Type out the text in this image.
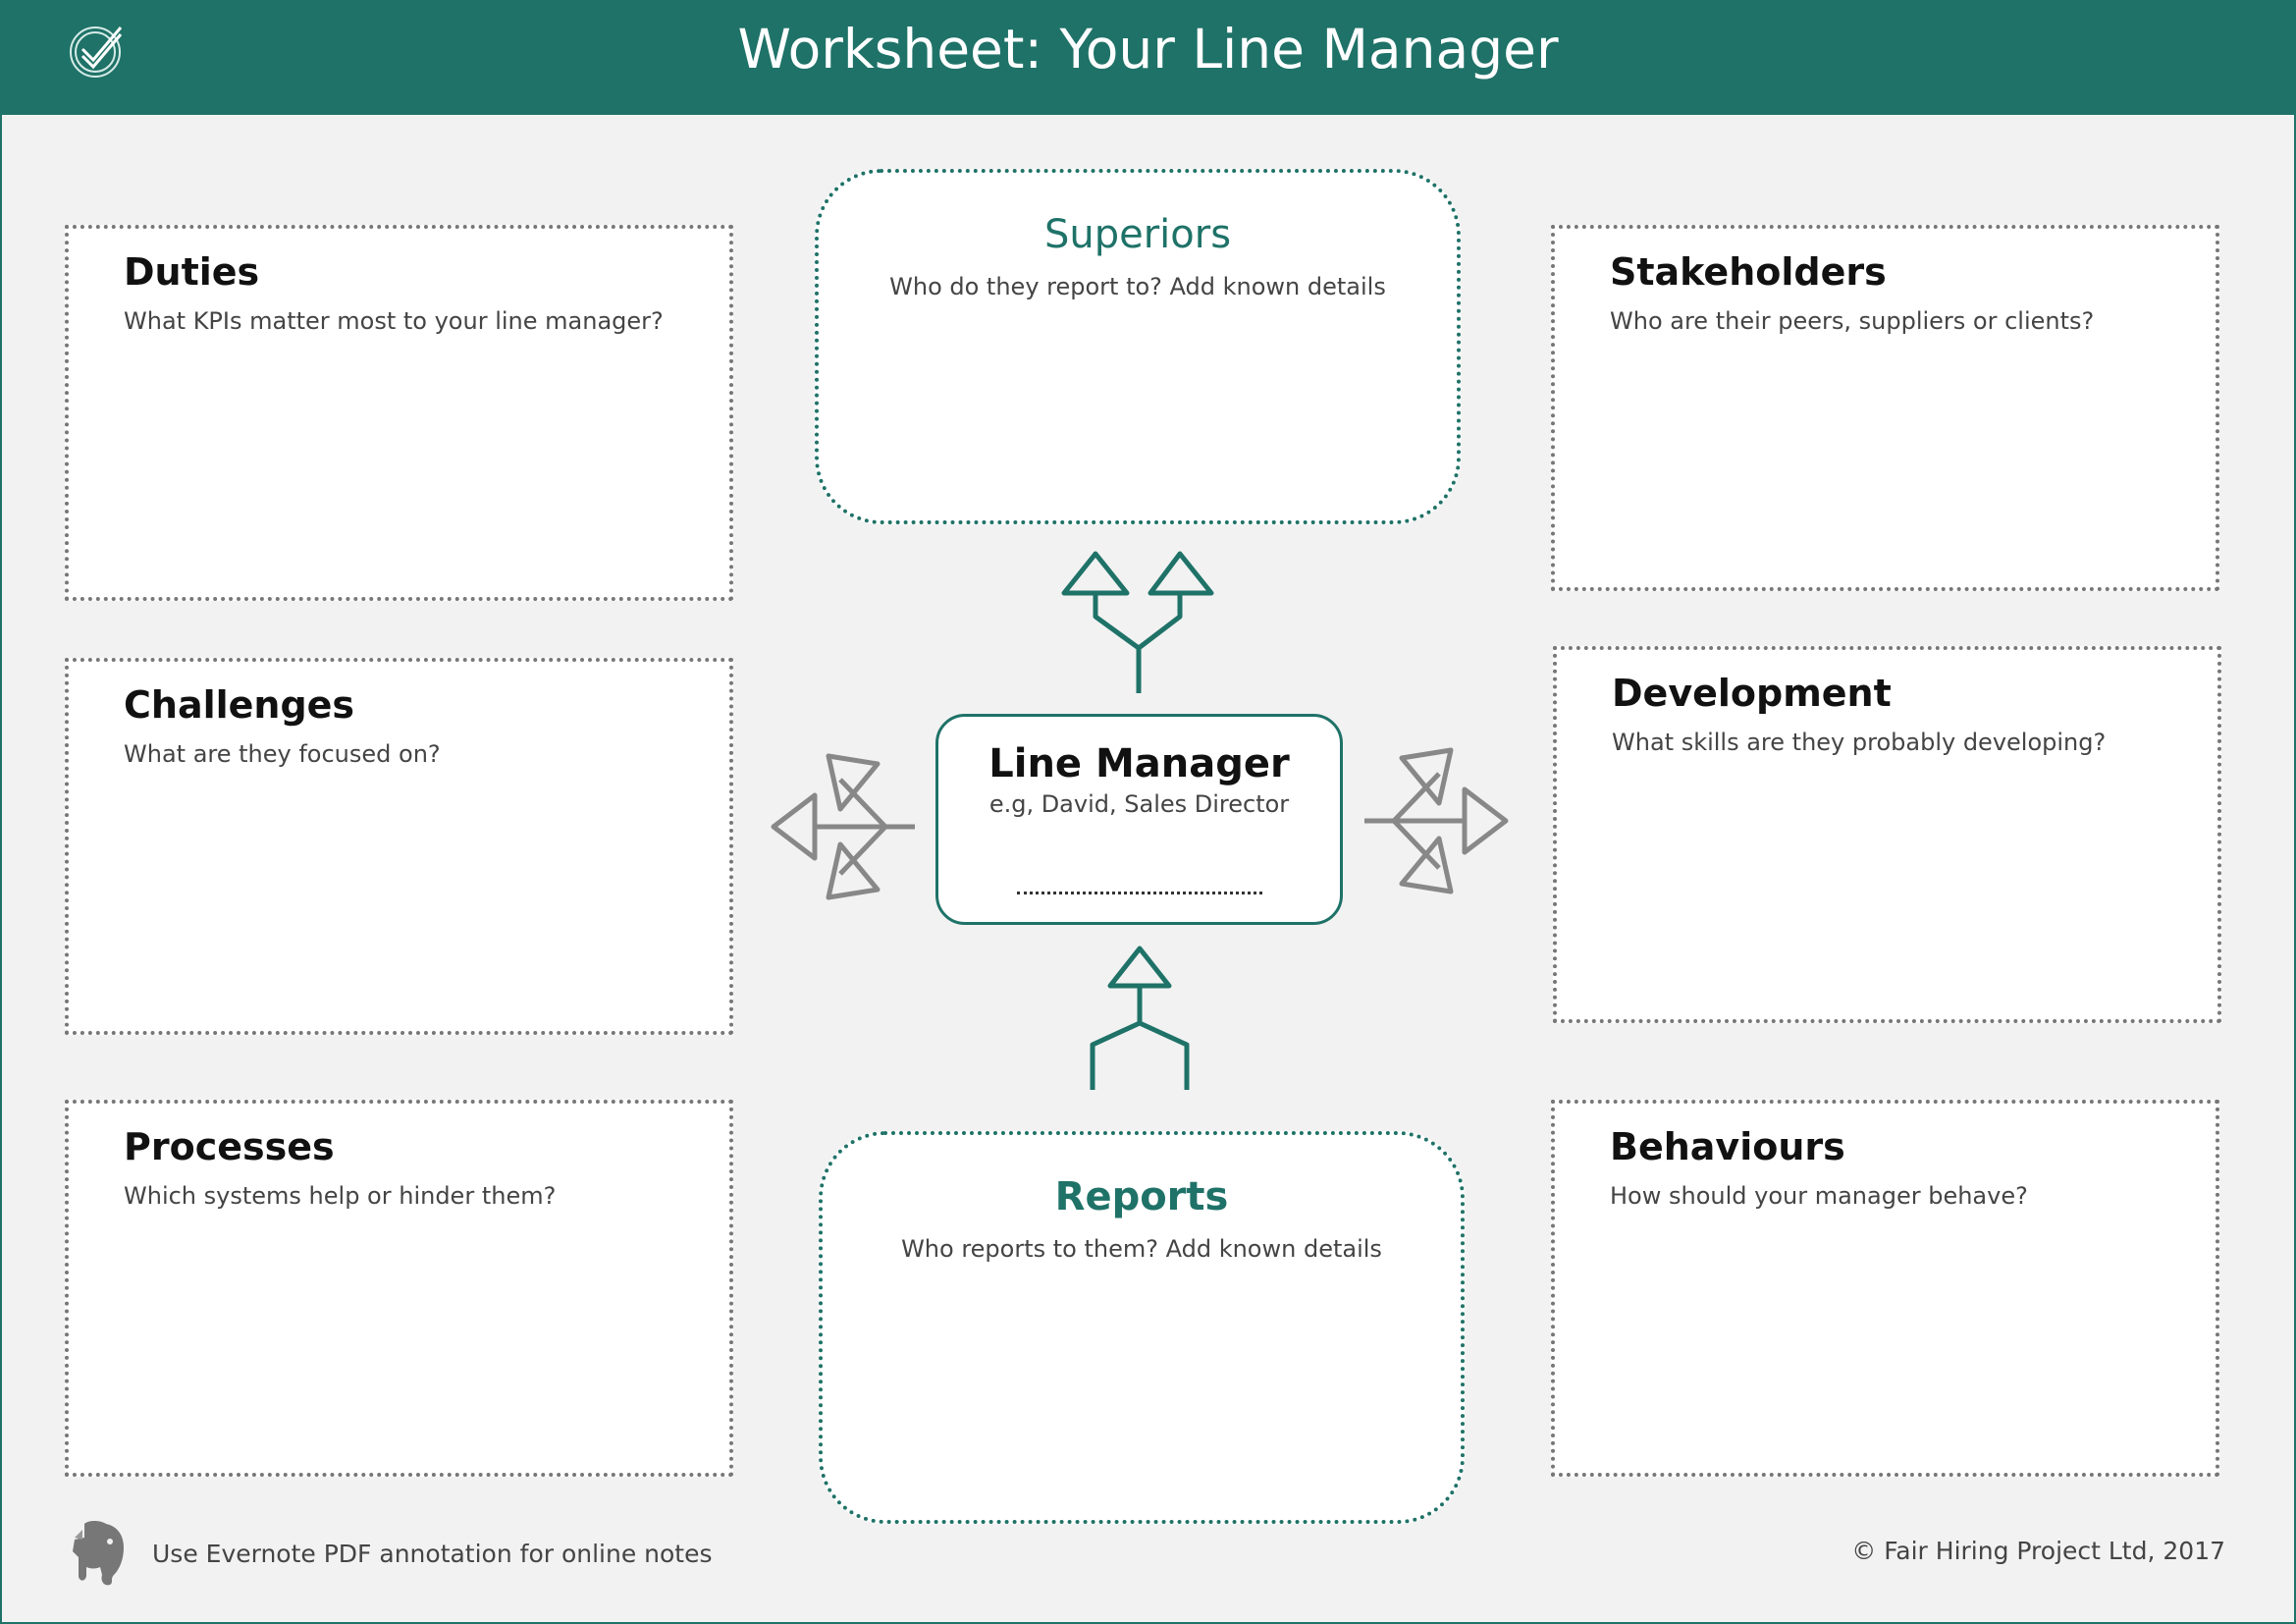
Worksheet: Your Line Manager
Duties
What KPIs matter most to your line manager?
Challenges
What are they focused on?
Processes
Which systems help or hinder them?
Stakeholders
Who are their peers, suppliers or clients?
Development
What skills are they probably developing?
Behaviours
How should your manager behave?
Superiors
Who do they report to? Add known details
Reports
Who reports to them? Add known details
Line Manager
e.g, David, Sales Director
Use Evernote PDF annotation for online notes	© Fair Hiring Project Ltd, 2017
